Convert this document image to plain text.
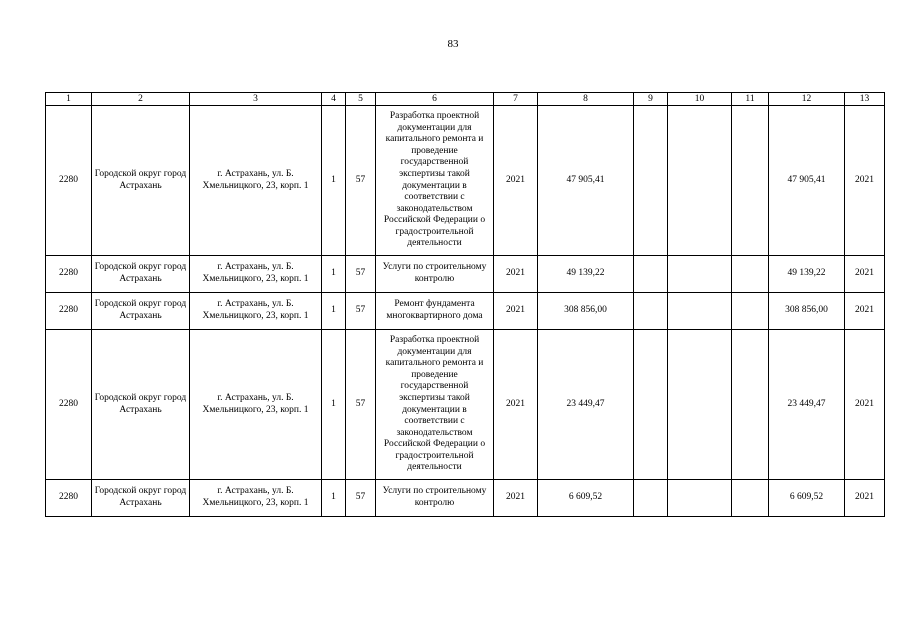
83
1	2	3	4	5	6	7	8	9	10	11	12	13
2280	Городской округ город Астрахань	г. Астрахань, ул. Б. Хмельницкого, 23, корп. 1	1	57	Разработка проектной документации для капитального ремонта и проведение государственной экспертизы такой документации в соответствии с законодательством Российской Федерации о градостроительной деятельности	2021	47 905,41				47 905,41	2021
2280	Городской округ город Астрахань	г. Астрахань, ул. Б. Хмельницкого, 23, корп. 1	1	57	Услуги по строительному контролю	2021	49 139,22				49 139,22	2021
2280	Городской округ город Астрахань	г. Астрахань, ул. Б. Хмельницкого, 23, корп. 1	1	57	Ремонт фундамента многоквартирного дома	2021	308 856,00				308 856,00	2021
2280	Городской округ город Астрахань	г. Астрахань, ул. Б. Хмельницкого, 23, корп. 1	1	57	Разработка проектной документации для капитального ремонта и проведение государственной экспертизы такой документации в соответствии с законодательством Российской Федерации о градостроительной деятельности	2021	23 449,47				23 449,47	2021
2280	Городской округ город Астрахань	г. Астрахань, ул. Б. Хмельницкого, 23, корп. 1	1	57	Услуги по строительному контролю	2021	6 609,52				6 609,52	2021
